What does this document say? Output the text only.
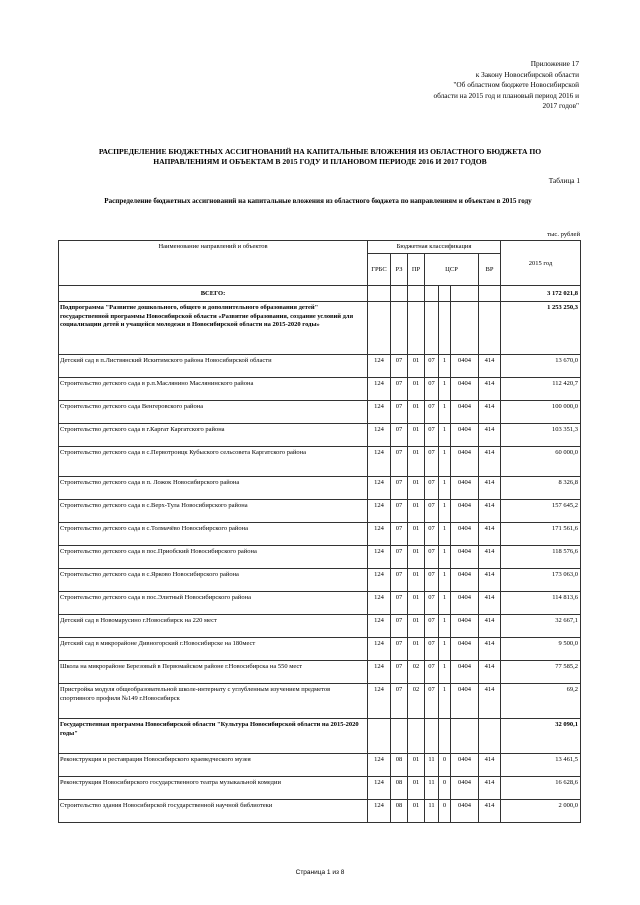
Приложение 17
к Закону Новосибирской области
"Об областном бюджете Новосибирской
области на 2015 год и плановый период 2016 и
2017 годов"
РАСПРЕДЕЛЕНИЕ БЮДЖЕТНЫХ АССИГНОВАНИЙ НА КАПИТАЛЬНЫЕ ВЛОЖЕНИЯ ИЗ ОБЛАСТНОГО БЮДЖЕТА ПО
НАПРАВЛЕНИЯМ И ОБЪЕКТАМ В 2015 ГОДУ И ПЛАНОВОМ ПЕРИОДЕ 2016 И 2017 ГОДОВ
Таблица 1
Распределение бюджетных ассигнований на капитальные вложения из областного бюджета по направлениям и объектам в 2015 году
тыс. рублей
Наименование направлений и объектов	Бюджетная классификация							2015 год
	ГРБС	РЗ	ПР	ЦСР			ВР	
ВСЕГО:								3 172 021,8
Подпрограмма "Развитие дошкольного, общего и дополнительного образования детей" государственной программы Новосибирской области «Развитие образования, создание условий для социализации детей и учащейся молодежи в Новосибирской области на 2015-2020 годы»								1 253 250,3
Детский сад в п.Листвянский Искитимского района Новосибирской области	124	07	01	07	1	0404	414	13 670,0
Строительство детского сада в р.п.Маслянино Маслянинского района	124	07	01	07	1	0404	414	112 420,7
Строительство детского сада Венгеровского района	124	07	01	07	1	0404	414	100 000,0
Строительство детского сада в г.Каргат Каргатского района	124	07	01	07	1	0404	414	103 351,3
Строительство детского сада в с.Первотроицк Кубыского сельсовета Каргатского района	124	07	01	07	1	0404	414	60 000,0
Строительство детского сада в п. Ложок Новосибирского района	124	07	01	07	1	0404	414	8 326,8
Строительство детского сада в с.Верх-Тула Новосибирского района	124	07	01	07	1	0404	414	157 645,2
Строительство детского сада в с.Толмачёво Новосибирского района	124	07	01	07	1	0404	414	171 561,6
Строительство детского сада в пос.Приобский Новосибирского района	124	07	01	07	1	0404	414	118 576,6
Строительство детского сада в с.Ярково Новосибирского района	124	07	01	07	1	0404	414	173 063,0
Строительство детского сада в пос.Элитный Новосибирского района	124	07	01	07	1	0404	414	114 813,6
Детский сад в Новомарусино г.Новосибирск на 220 мест	124	07	01	07	1	0404	414	32 667,1
Детский сад в микрорайоне Дивногорский г.Новосибирске на 180мест	124	07	01	07	1	0404	414	9 500,0
Школа на микрорайоне Березовый в Первомайском районе г.Новосибирска на 550 мест	124	07	02	07	1	0404	414	77 585,2
Пристройка модуля общеобразовательной школе-интернату с углубленным изучением предметов спортивного профиля №149 г.Новосибирск	124	07	02	07	1	0404	414	69,2
Государственная программа Новосибирской области "Культура Новосибирской области на 2015-2020 годы"								32 090,1
Реконструкция и реставрация Новосибирского краеведческого музея	124	08	01	11	0	0404	414	13 461,5
Реконструкция Новосибирского государственного театра музыкальной комедии	124	08	01	11	0	0404	414	16 628,6
Строительство здания Новосибирской государственной научной библиотеки	124	08	01	11	0	0404	414	2 000,0
Страница 1 из 8
